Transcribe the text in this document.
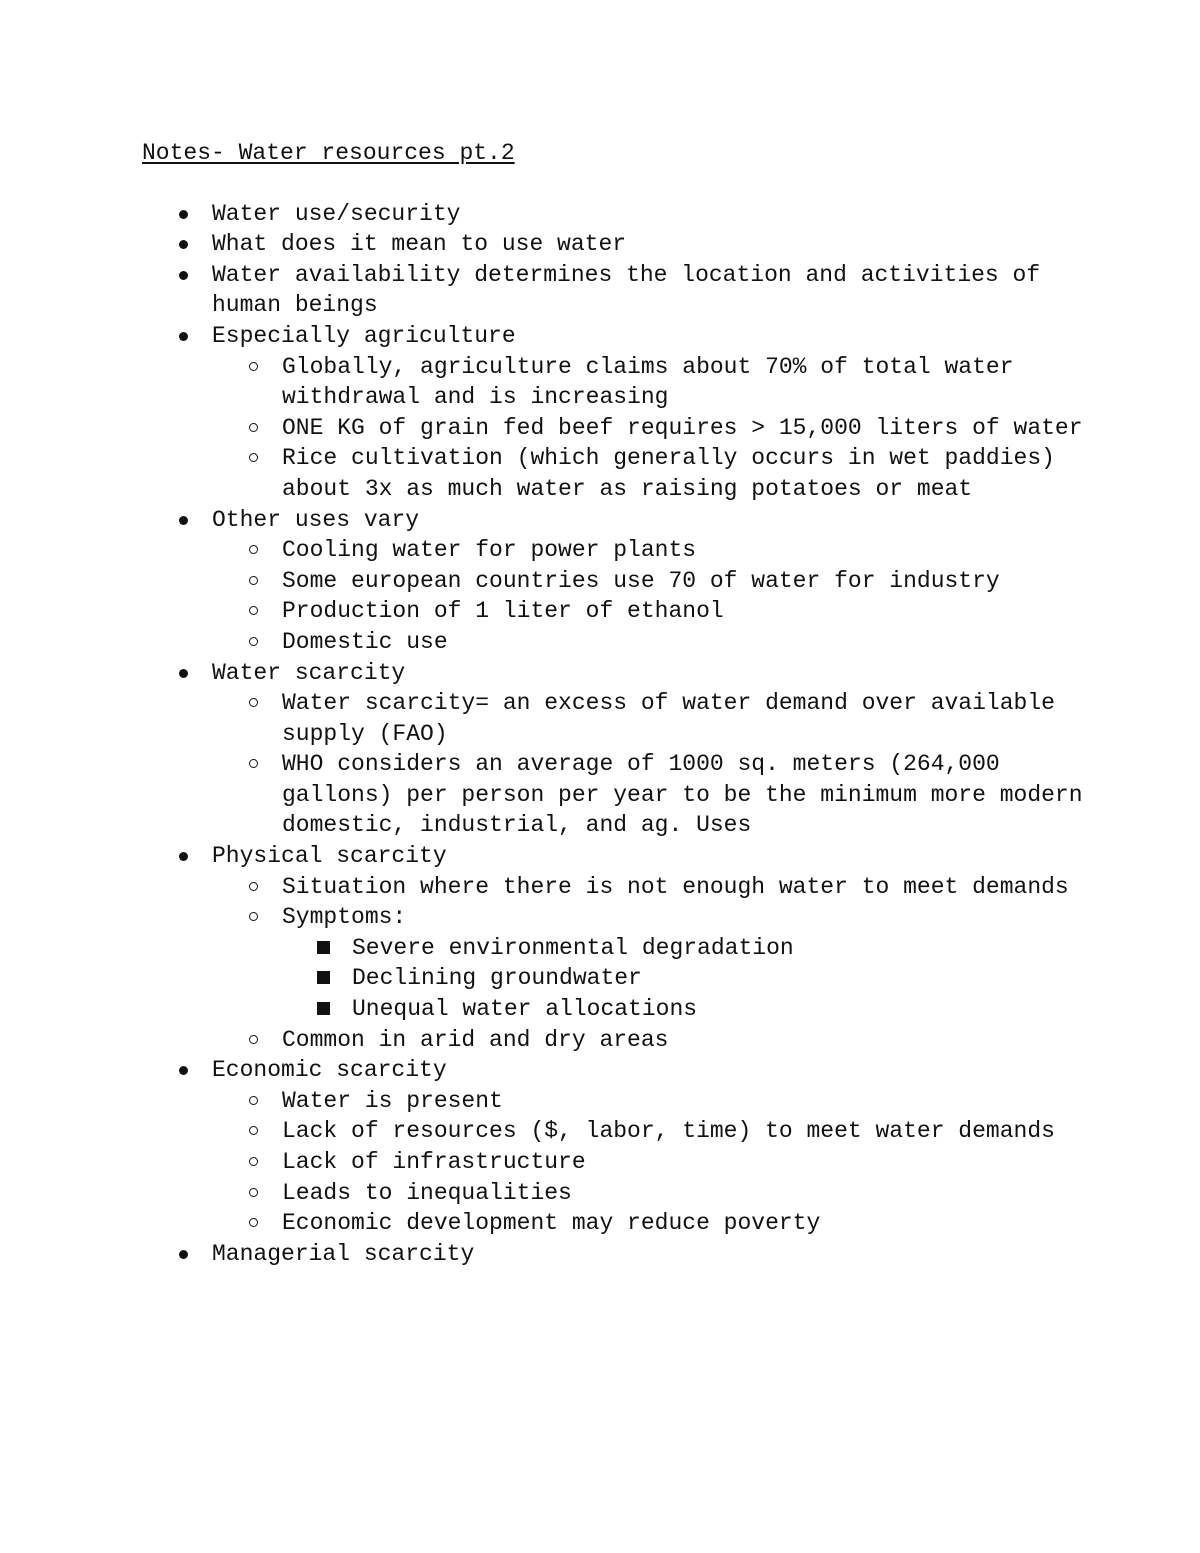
Notes- Water resources pt.2
Water use/security
What does it mean to use water
Water availability determines the location and activities of human beings
Especially agriculture
Globally, agriculture claims about 70% of total water withdrawal and is increasing
ONE KG of grain fed beef requires > 15,000 liters of water
Rice cultivation (which generally occurs in wet paddies) about 3x as much water as raising potatoes or meat
Other uses vary
Cooling water for power plants
Some european countries use 70 of water for industry
Production of 1 liter of ethanol
Domestic use
Water scarcity
Water scarcity= an excess of water demand over available supply (FAO)
WHO considers an average of 1000 sq. meters (264,000 gallons) per person per year to be the minimum more modern domestic, industrial, and ag. Uses
Physical scarcity
Situation where there is not enough water to meet demands
Symptoms:
Severe environmental degradation
Declining groundwater
Unequal water allocations
Common in arid and dry areas
Economic scarcity
Water is present
Lack of resources ($, labor, time) to meet water demands
Lack of infrastructure
Leads to inequalities
Economic development may reduce poverty
Managerial scarcity
